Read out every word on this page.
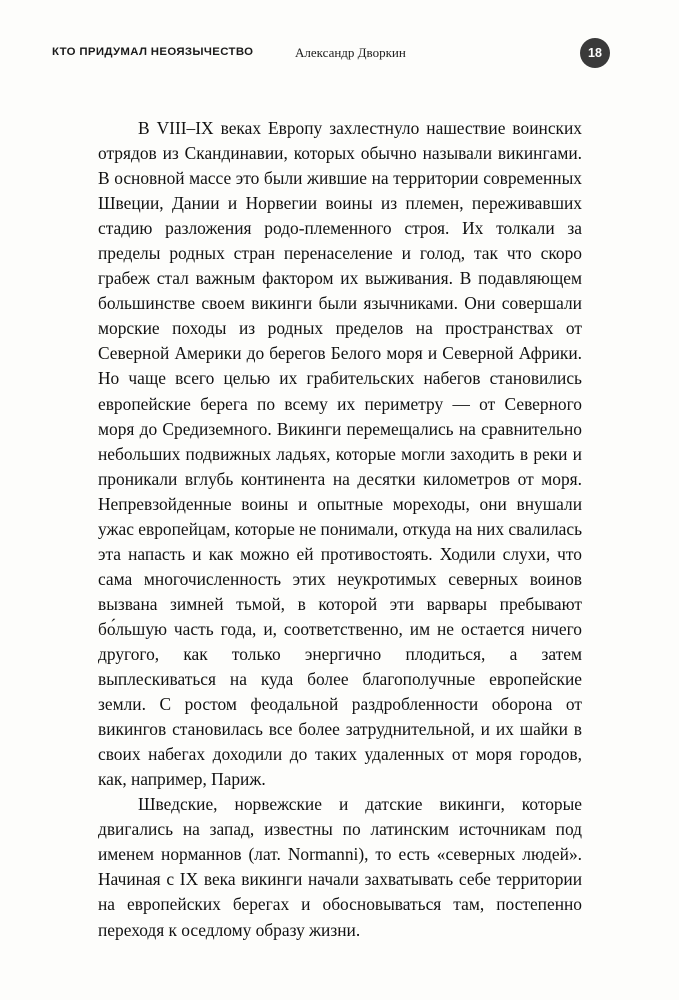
КТО ПРИДУМАЛ НЕОЯЗЫЧЕСТВО	Александр Дворкин	18

В VIII–IX веках Европу захлестнуло нашествие воинских отрядов из Скандинавии, которых обычно называли викингами. В основной массе это были жившие на территории современных Швеции, Дании и Норвегии воины из племен, переживавших стадию разложения родо-племенного строя. Их толкали за пределы родных стран перенаселение и голод, так что скоро грабеж стал важным фактором их выживания. В подавляющем большинстве своем викинги были язычниками. Они совершали морские походы из родных пределов на пространствах от Северной Америки до берегов Белого моря и Северной Африки. Но чаще всего целью их грабительских набегов становились европейские берега по всему их периметру — от Северного моря до Средиземного. Викинги перемещались на сравнительно небольших подвижных ладьях, которые могли заходить в реки и проникали вглубь континента на десятки километров от моря. Непревзойденные воины и опытные мореходы, они внушали ужас европейцам, которые не понимали, откуда на них свалилась эта напасть и как можно ей противостоять. Ходили слухи, что сама многочисленность этих неукротимых северных воинов вызвана зимней тьмой, в которой эти варвары пребывают бо́льшую часть года, и, соответственно, им не остается ничего другого, как только энергично плодиться, а затем выплескиваться на куда более благополучные европейские земли. С ростом феодальной раздробленности оборона от викингов становилась все более затруднительной, и их шайки в своих набегах доходили до таких удаленных от моря городов, как, например, Париж.

Шведские, норвежские и датские викинги, которые двигались на запад, известны по латинским источникам под именем норманнов (лат. Normanni), то есть «северных людей». Начиная с IX века викинги начали захватывать себе территории на европейских берегах и обосновываться там, постепенно переходя к оседлому образу жизни.
